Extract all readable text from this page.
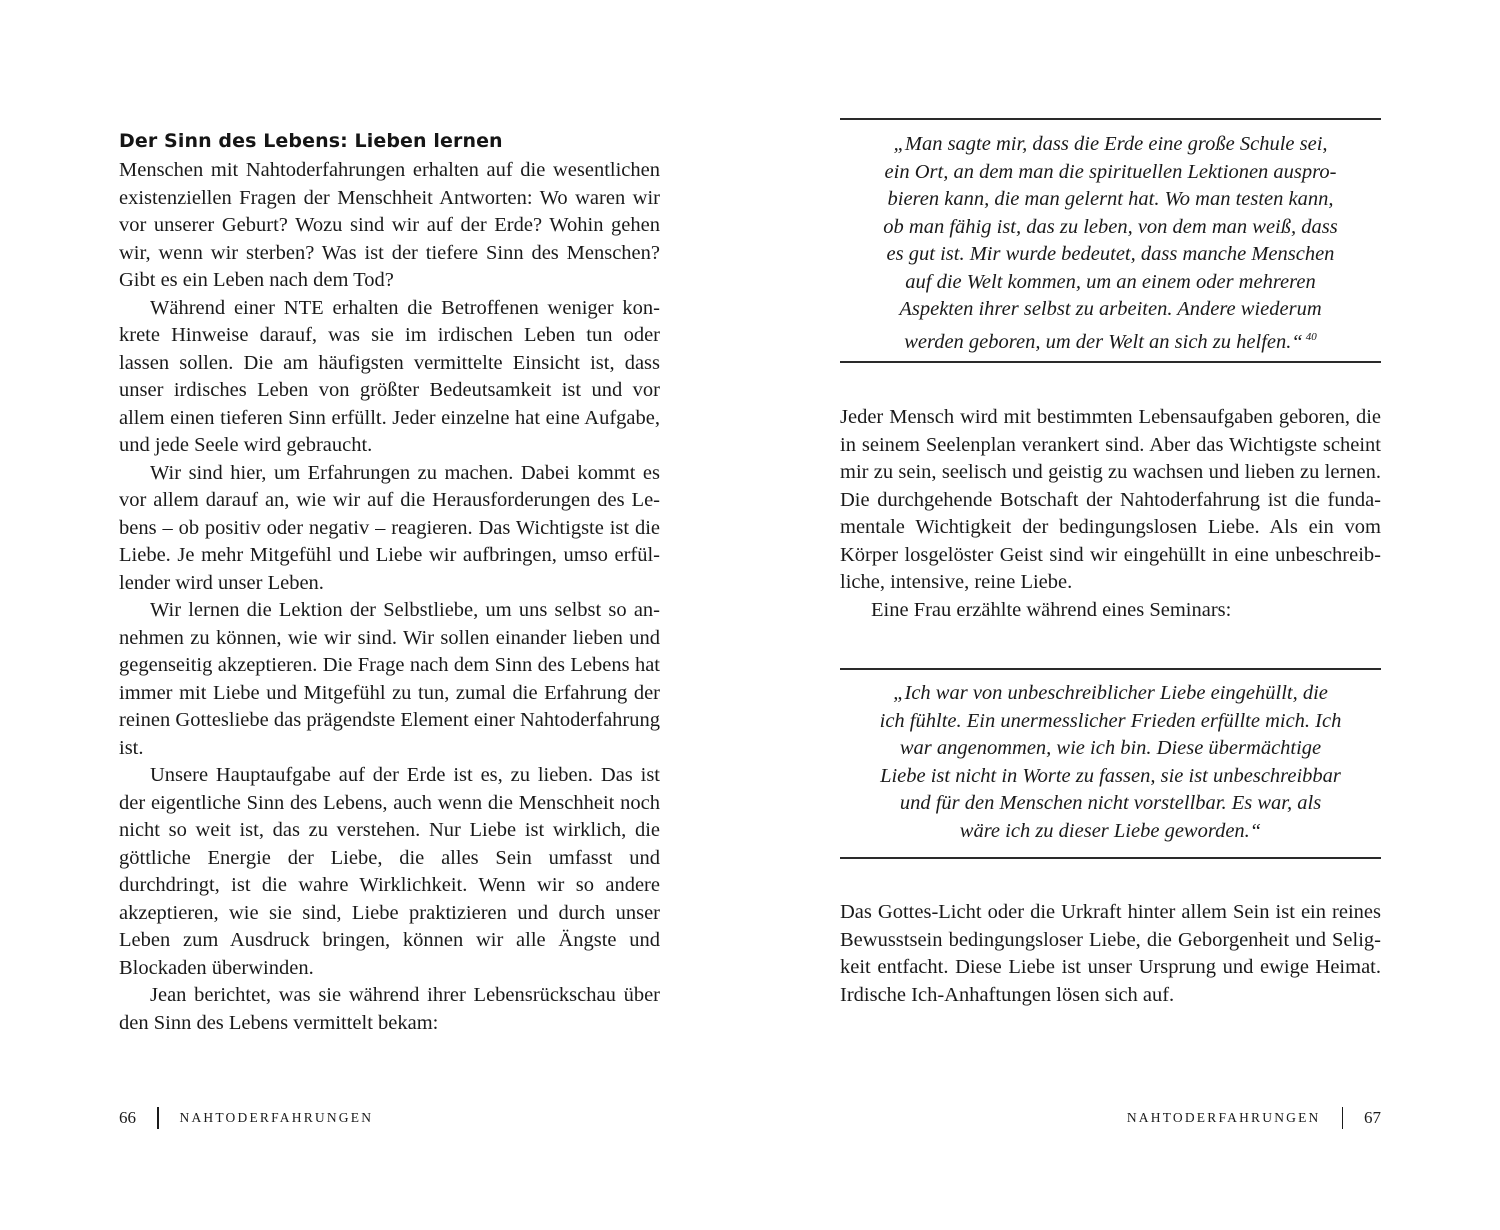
Der Sinn des Lebens: Lieben lernen

Menschen mit Nahtoderfahrungen erhalten auf die wesentlichen existenziellen Fragen der Menschheit Antworten: Wo waren wir vor unserer Geburt? Wozu sind wir auf der Erde? Wohin gehen wir, wenn wir sterben? Was ist der tiefere Sinn des Menschen? Gibt es ein Leben nach dem Tod?

Während einer NTE erhalten die Betroffenen weniger konkrete Hinweise darauf, was sie im irdischen Leben tun oder lassen sollen. Die am häufigsten vermittelte Einsicht ist, dass unser irdisches Leben von größter Bedeutsamkeit ist und vor allem einen tieferen Sinn erfüllt. Jeder einzelne hat eine Aufgabe, und jede Seele wird gebraucht.

Wir sind hier, um Erfahrungen zu machen. Dabei kommt es vor allem darauf an, wie wir auf die Herausforderungen des Lebens – ob positiv oder negativ – reagieren. Das Wichtigste ist die Liebe. Je mehr Mitgefühl und Liebe wir aufbringen, umso erfüllender wird unser Leben.

Wir lernen die Lektion der Selbstliebe, um uns selbst so annehmen zu können, wie wir sind. Wir sollen einander lieben und gegenseitig akzeptieren. Die Frage nach dem Sinn des Lebens hat immer mit Liebe und Mitgefühl zu tun, zumal die Erfahrung der reinen Gottesliebe das prägendste Element einer Nahtoderfahrung ist.

Unsere Hauptaufgabe auf der Erde ist es, zu lieben. Das ist der eigentliche Sinn des Lebens, auch wenn die Menschheit noch nicht so weit ist, das zu verstehen. Nur Liebe ist wirklich, die göttliche Energie der Liebe, die alles Sein umfasst und durchdringt, ist die wahre Wirklichkeit. Wenn wir so andere akzeptieren, wie sie sind, Liebe praktizieren und durch unser Leben zum Ausdruck bringen, können wir alle Ängste und Blockaden überwinden.

Jean berichtet, was sie während ihrer Lebensrückschau über den Sinn des Lebens vermittelt bekam:

66	NAHTODERFAHRUNGEN

„Man sagte mir, dass die Erde eine große Schule sei,

ein Ort, an dem man die spirituellen Lektionen auspro-

bieren kann, die man gelernt hat. Wo man testen kann,

ob man fähig ist, das zu leben, von dem man weiß, dass

es gut ist. Mir wurde bedeutet, dass manche Menschen

auf die Welt kommen, um an einem oder mehreren

Aspekten ihrer selbst zu arbeiten. Andere wiederum

werden geboren, um der Welt an sich zu helfen.“ $^{40}$

Jeder Mensch wird mit bestimmten Lebensaufgaben geboren, die in seinem Seelenplan verankert sind. Aber das Wichtigste scheint mir zu sein, seelisch und geistig zu wachsen und lieben zu lernen. Die durchgehende Botschaft der Nahtoderfahrung ist die fundamentale Wichtigkeit der bedingungslosen Liebe. Als ein vom Körper losgelöster Geist sind wir eingehüllt in eine unbeschreibliche, intensive, reine Liebe.

Eine Frau erzählte während eines Seminars:

„Ich war von unbeschreiblicher Liebe eingehüllt, die

ich fühlte. Ein unermesslicher Frieden erfüllte mich. Ich

war angenommen, wie ich bin. Diese übermächtige

Liebe ist nicht in Worte zu fassen, sie ist unbeschreibbar

und für den Menschen nicht vorstellbar. Es war, als

wäre ich zu dieser Liebe geworden.“

Das Gottes-Licht oder die Urkraft hinter allem Sein ist ein reines Bewusstsein bedingungsloser Liebe, die Geborgenheit und Seligkeit entfacht. Diese Liebe ist unser Ursprung und ewige Heimat. Irdische Ich-Anhaftungen lösen sich auf.

NAHTODERFAHRUNGEN	67
